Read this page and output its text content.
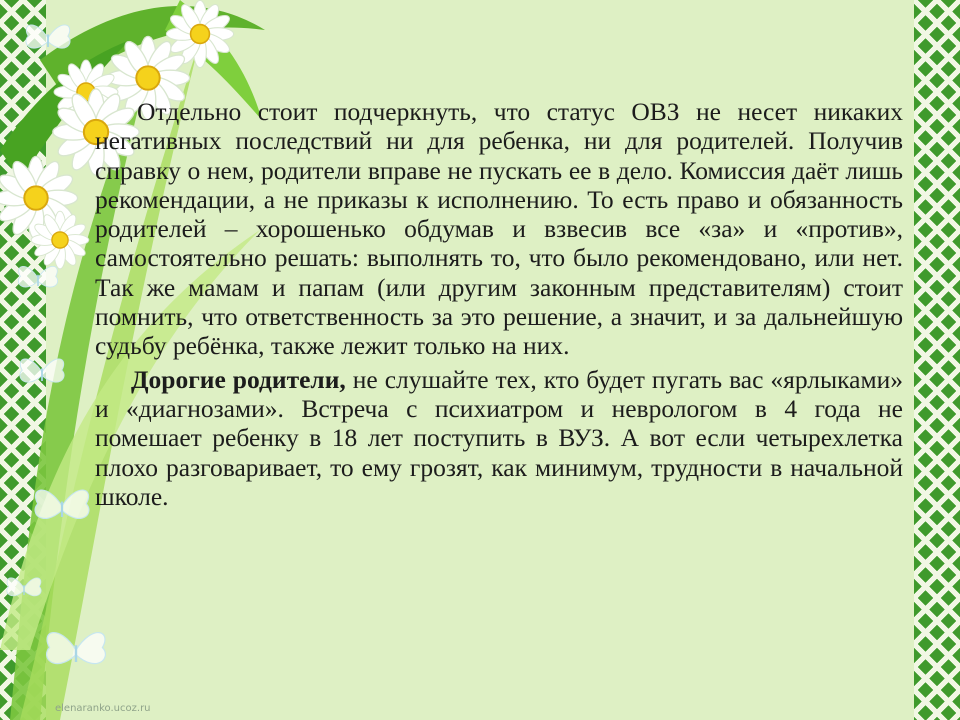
Отдельно стоит подчеркнуть, что статус ОВЗ не несет никаких негативных последствий ни для ребенка, ни для родителей. Получив справку о нем, родители вправе не пускать ее в дело. Комиссия даёт лишь рекомендации, а не приказы к исполнению. То есть право и обязанность родителей – хорошенько обдумав и взвесив все «за» и «против», самостоятельно решать: выполнять то, что было рекомендовано, или нет. Так же мамам и папам (или другим законным представителям) стоит помнить, что ответственность за это решение, а значит, и за дальнейшую судьбу ребёнка, также лежит только на них.

Дорогие родители, не слушайте тех, кто будет пугать вас «ярлыками» и «диагнозами». Встреча с психиатром и неврологом в 4 года не помешает ребенку в 18 лет поступить в ВУЗ. А вот если четырехлетка плохо разговаривает, то ему грозят, как минимум, трудности в начальной школе.

elenaranko.ucoz.ru
